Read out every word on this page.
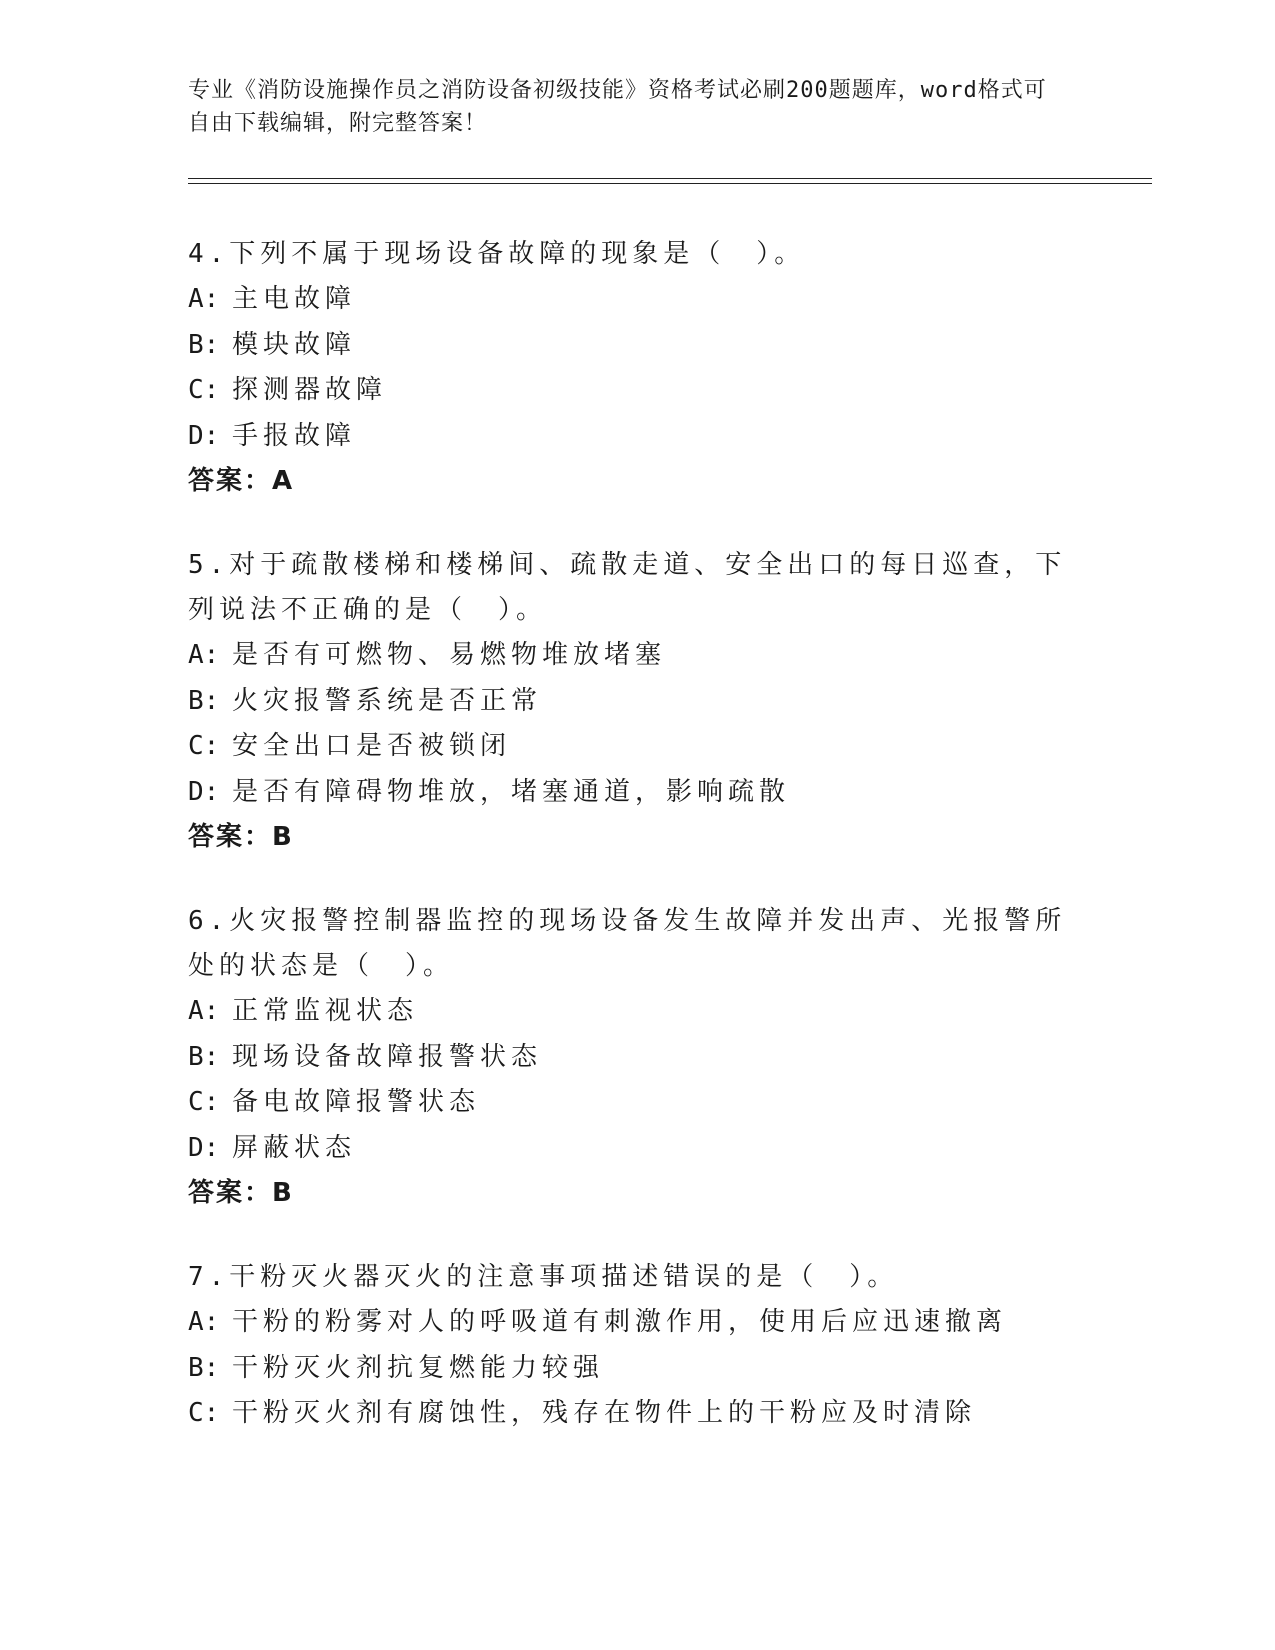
专业《消防设施操作员之消防设备初级技能》资格考试必刷200题题库，word格式可自由下载编辑，附完整答案！

4.下列不属于现场设备故障的现象是（　）。

A: 主电故障

B: 模块故障

C: 探测器故障

D: 手报故障

答案：A

5.对于疏散楼梯和楼梯间、疏散走道、安全出口的每日巡查，下列说法不正确的是（　）。

A: 是否有可燃物、易燃物堆放堵塞

B: 火灾报警系统是否正常

C: 安全出口是否被锁闭

D: 是否有障碍物堆放，堵塞通道，影响疏散

答案：B

6.火灾报警控制器监控的现场设备发生故障并发出声、光报警所处的状态是（　）。

A: 正常监视状态

B: 现场设备故障报警状态

C: 备电故障报警状态

D: 屏蔽状态

答案：B

7.干粉灭火器灭火的注意事项描述错误的是（　）。

A: 干粉的粉雾对人的呼吸道有刺激作用，使用后应迅速撤离

B: 干粉灭火剂抗复燃能力较强

C: 干粉灭火剂有腐蚀性，残存在物件上的干粉应及时清除
